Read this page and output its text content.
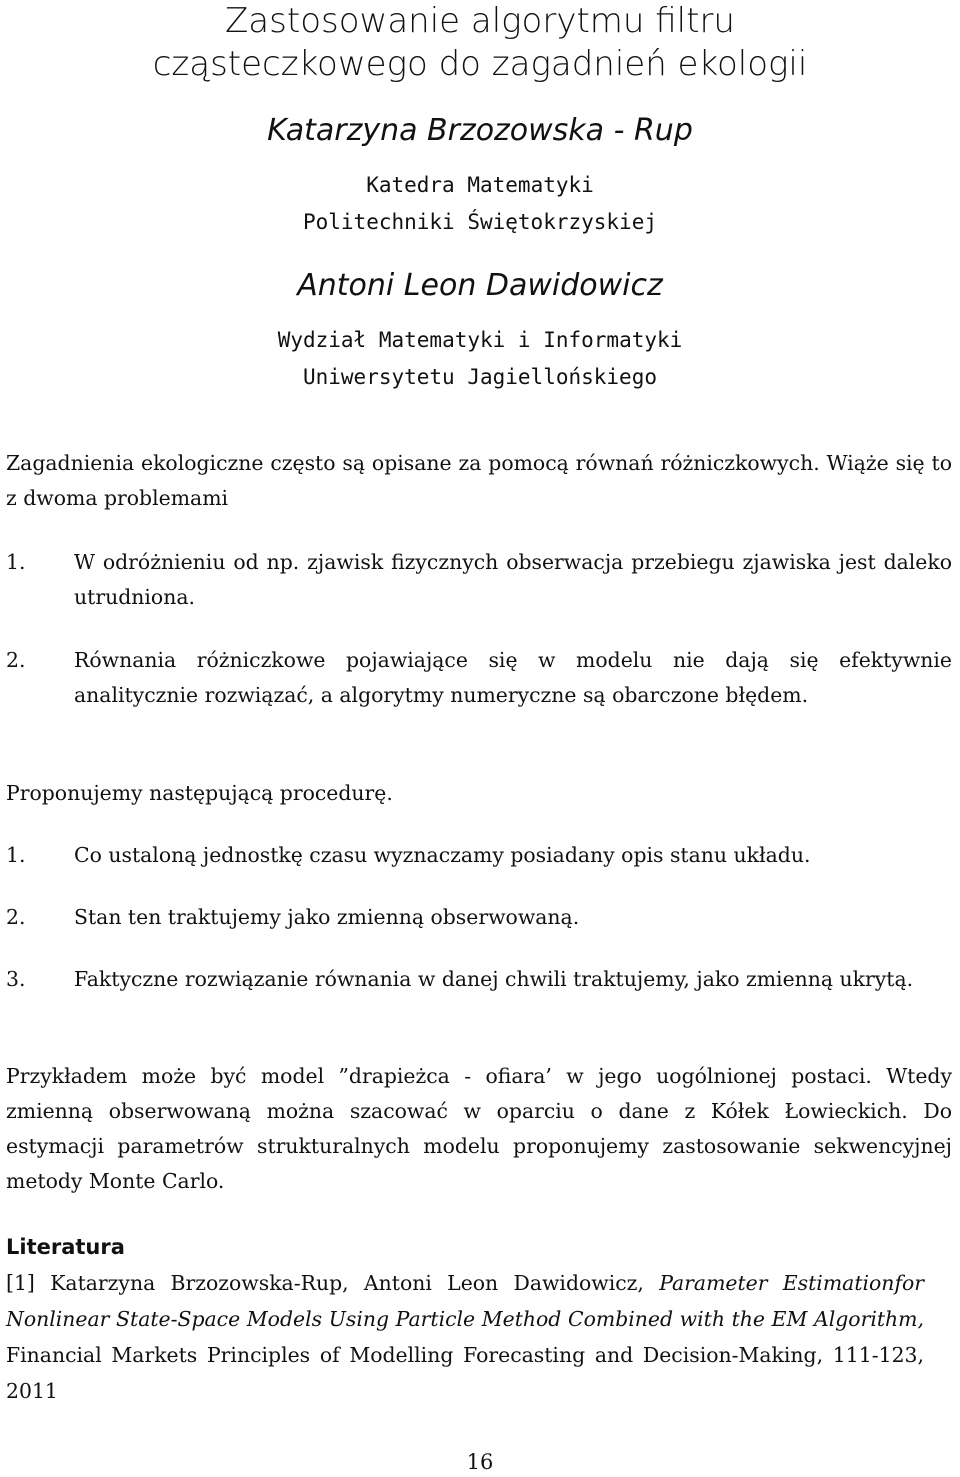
Zastosowanie algorytmu filtru
cząsteczkowego do zagadnień ekologii
Katarzyna Brzozowska - Rup
Katedra Matematyki
Politechniki Świętokrzyskiej
Antoni Leon Dawidowicz
Wydział Matematyki i Informatyki
Uniwersytetu Jagiellońskiego

Zagadnienia ekologiczne często są opisane za pomocą równań różniczkowych. Wiąże się to z dwoma problemami

1.	W odróżnieniu od np. zjawisk fizycznych obserwacja przebiegu zjawiska jest daleko utrudniona.
2.	Równania różniczkowe pojawiające się w modelu nie dają się efektywnie analitycznie rozwiązać, a algorytmy numeryczne są obarczone błędem.

Proponujemy następującą procedurę.

1.	Co ustaloną jednostkę czasu wyznaczamy posiadany opis stanu układu.
2.	Stan ten traktujemy jako zmienną obserwowaną.
3.	Faktyczne rozwiązanie równania w danej chwili traktujemy, jako zmienną ukrytą.

Przykładem może być model ”drapieżca - ofiara’ w jego uogólnionej postaci. Wtedy zmienną obserwowaną można szacować w oparciu o dane z Kółek Łowieckich. Do estymacji parametrów strukturalnych modelu proponujemy zastosowanie sekwencyjnej metody Monte Carlo.

Literatura
[1] Katarzyna Brzozowska-Rup, Antoni Leon Dawidowicz, Parameter Estimationfor Nonlinear State-Space Models Using Particle Method Combined with the EM Algorithm, Financial Markets Principles of Modelling Forecasting and Decision-Making, 111-123, 2011
16
